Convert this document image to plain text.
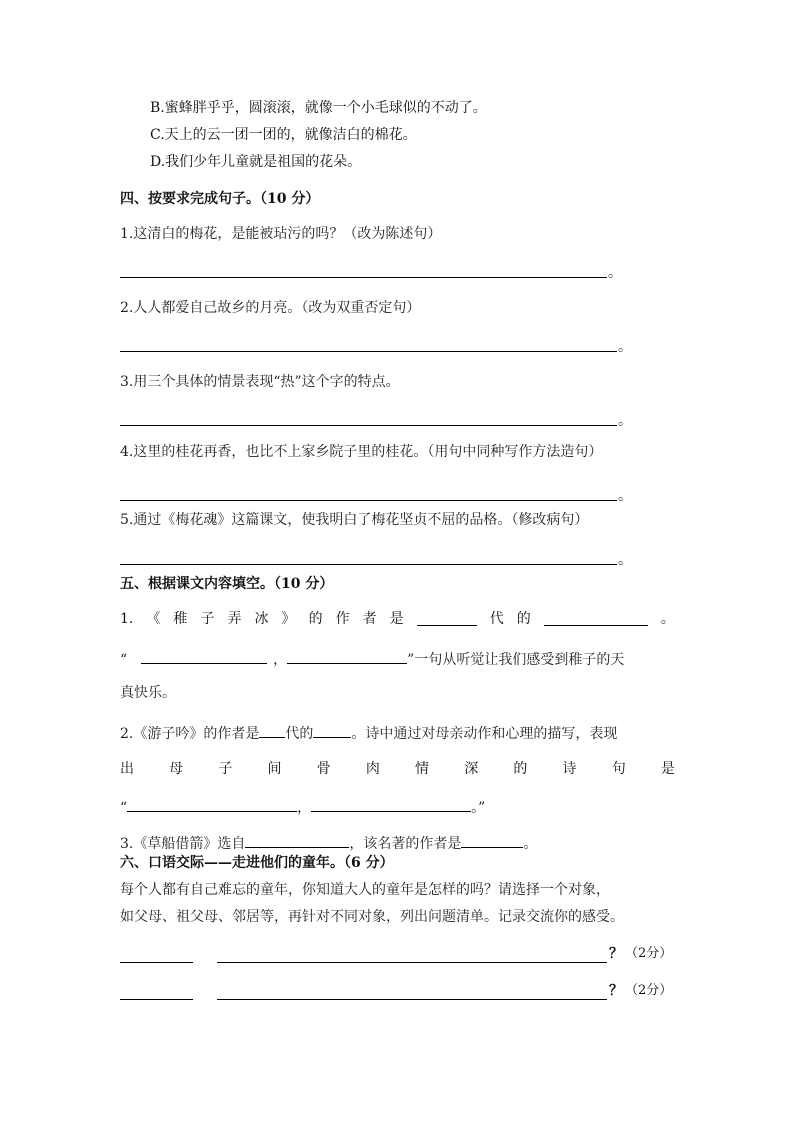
B.蜜蜂胖乎乎，圆滚滚，就像一个小毛球似的不动了。
C.天上的云一团一团的，就像洁白的棉花。
D.我们少年儿童就是祖国的花朵。
四、按要求完成句子。（10 分）
1.这清白的梅花，是能被玷污的吗？（改为陈述句）
。
2.人人都爱自己故乡的月亮。（改为双重否定句）
。
3.用三个具体的情景表现“热”这个字的特点。
。
4.这里的桂花再香，也比不上家乡院子里的桂花。（用句中同种写作方法造句）
。
5.通过《梅花魂》这篇课文，使我明白了梅花坚贞不屈的品格。（修改病句）
。
五、根据课文内容填空。（10 分）
1. 《 稚 子 弄 冰 》 的 作 者 是	代 的	。
“	，	”一句从听觉让我们感受到稚子的天
真快乐。
2.《游子吟》的作者是 代的	。诗中通过对母亲动作和心理的描写，表现
出	母	子	间	骨	肉	情	深	的	诗	句	是
“	，	。”
3.《草船借箭》选自	，该名著的作者是	。
六、口语交际——走进他们的童年。（6 分）
每个人都有自己难忘的童年，你知道大人的童年是怎样的吗？请选择一个对象，
如父母、祖父母、邻居等，再针对不同对象，列出问题清单。记录交流你的感受。
？ （2分）
？ （2分）
